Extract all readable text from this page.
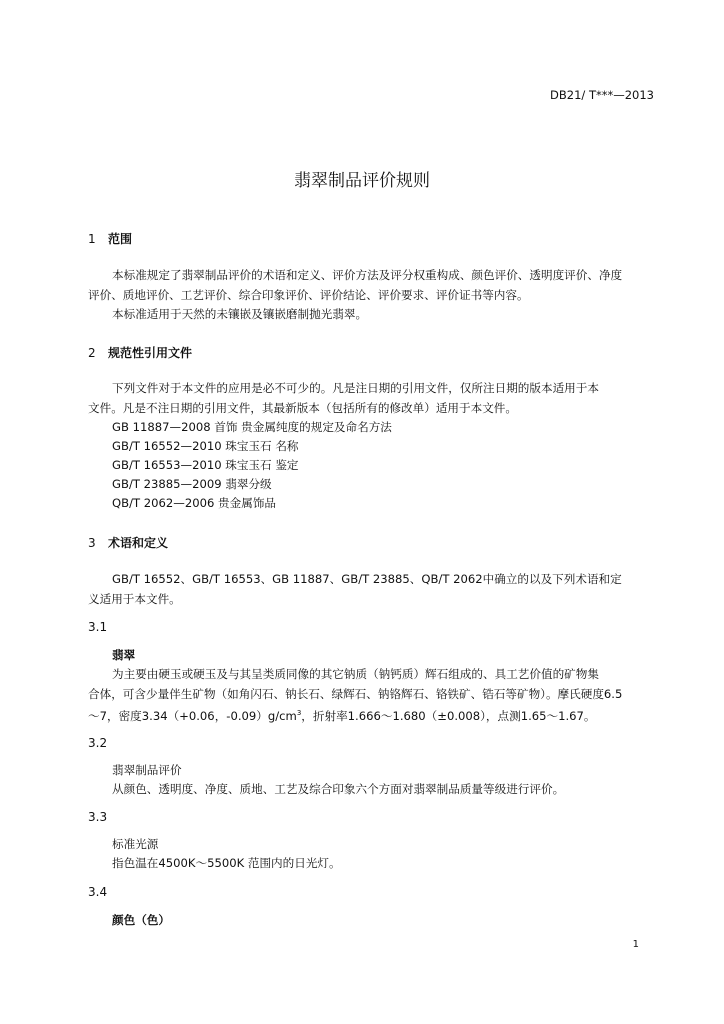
DB21/ T***—2013
翡翠制品评价规则
1 范围
本标准规定了翡翠制品评价的术语和定义、评价方法及评分权重构成、颜色评价、透明度评价、净度
评价、质地评价、工艺评价、综合印象评价、评价结论、评价要求、评价证书等内容。
本标准适用于天然的未镶嵌及镶嵌磨制抛光翡翠。
2 规范性引用文件
下列文件对于本文件的应用是必不可少的。凡是注日期的引用文件，仅所注日期的版本适用于本
文件。凡是不注日期的引用文件，其最新版本（包括所有的修改单）适用于本文件。
GB 11887—2008 首饰 贵金属纯度的规定及命名方法
GB/T 16552—2010 珠宝玉石 名称
GB/T 16553—2010 珠宝玉石 鉴定
GB/T 23885—2009 翡翠分级
QB/T 2062—2006 贵金属饰品
3 术语和定义
GB/T 16552、GB/T 16553、GB 11887、GB/T 23885、QB/T 2062中确立的以及下列术语和定
义适用于本文件。
3.1
翡翠
为主要由硬玉或硬玉及与其呈类质同像的其它钠质（钠钙质）辉石组成的、具工艺价值的矿物集
合体，可含少量伴生矿物（如角闪石、钠长石、绿辉石、钠铬辉石、铬铁矿、锆石等矿物）。摩氏硬度6.5
～7，密度3.34（+0.06，$-0.09)g/cm^3$，折射率1.666～1.680（±0.008），点测1.65～1.67。
3.2
翡翠制品评价
从颜色、透明度、净度、质地、工艺及综合印象六个方面对翡翠制品质量等级进行评价。
3.3
标准光源
指色温在4500K～5500K 范围内的日光灯。
3.4
颜色（色）
1
